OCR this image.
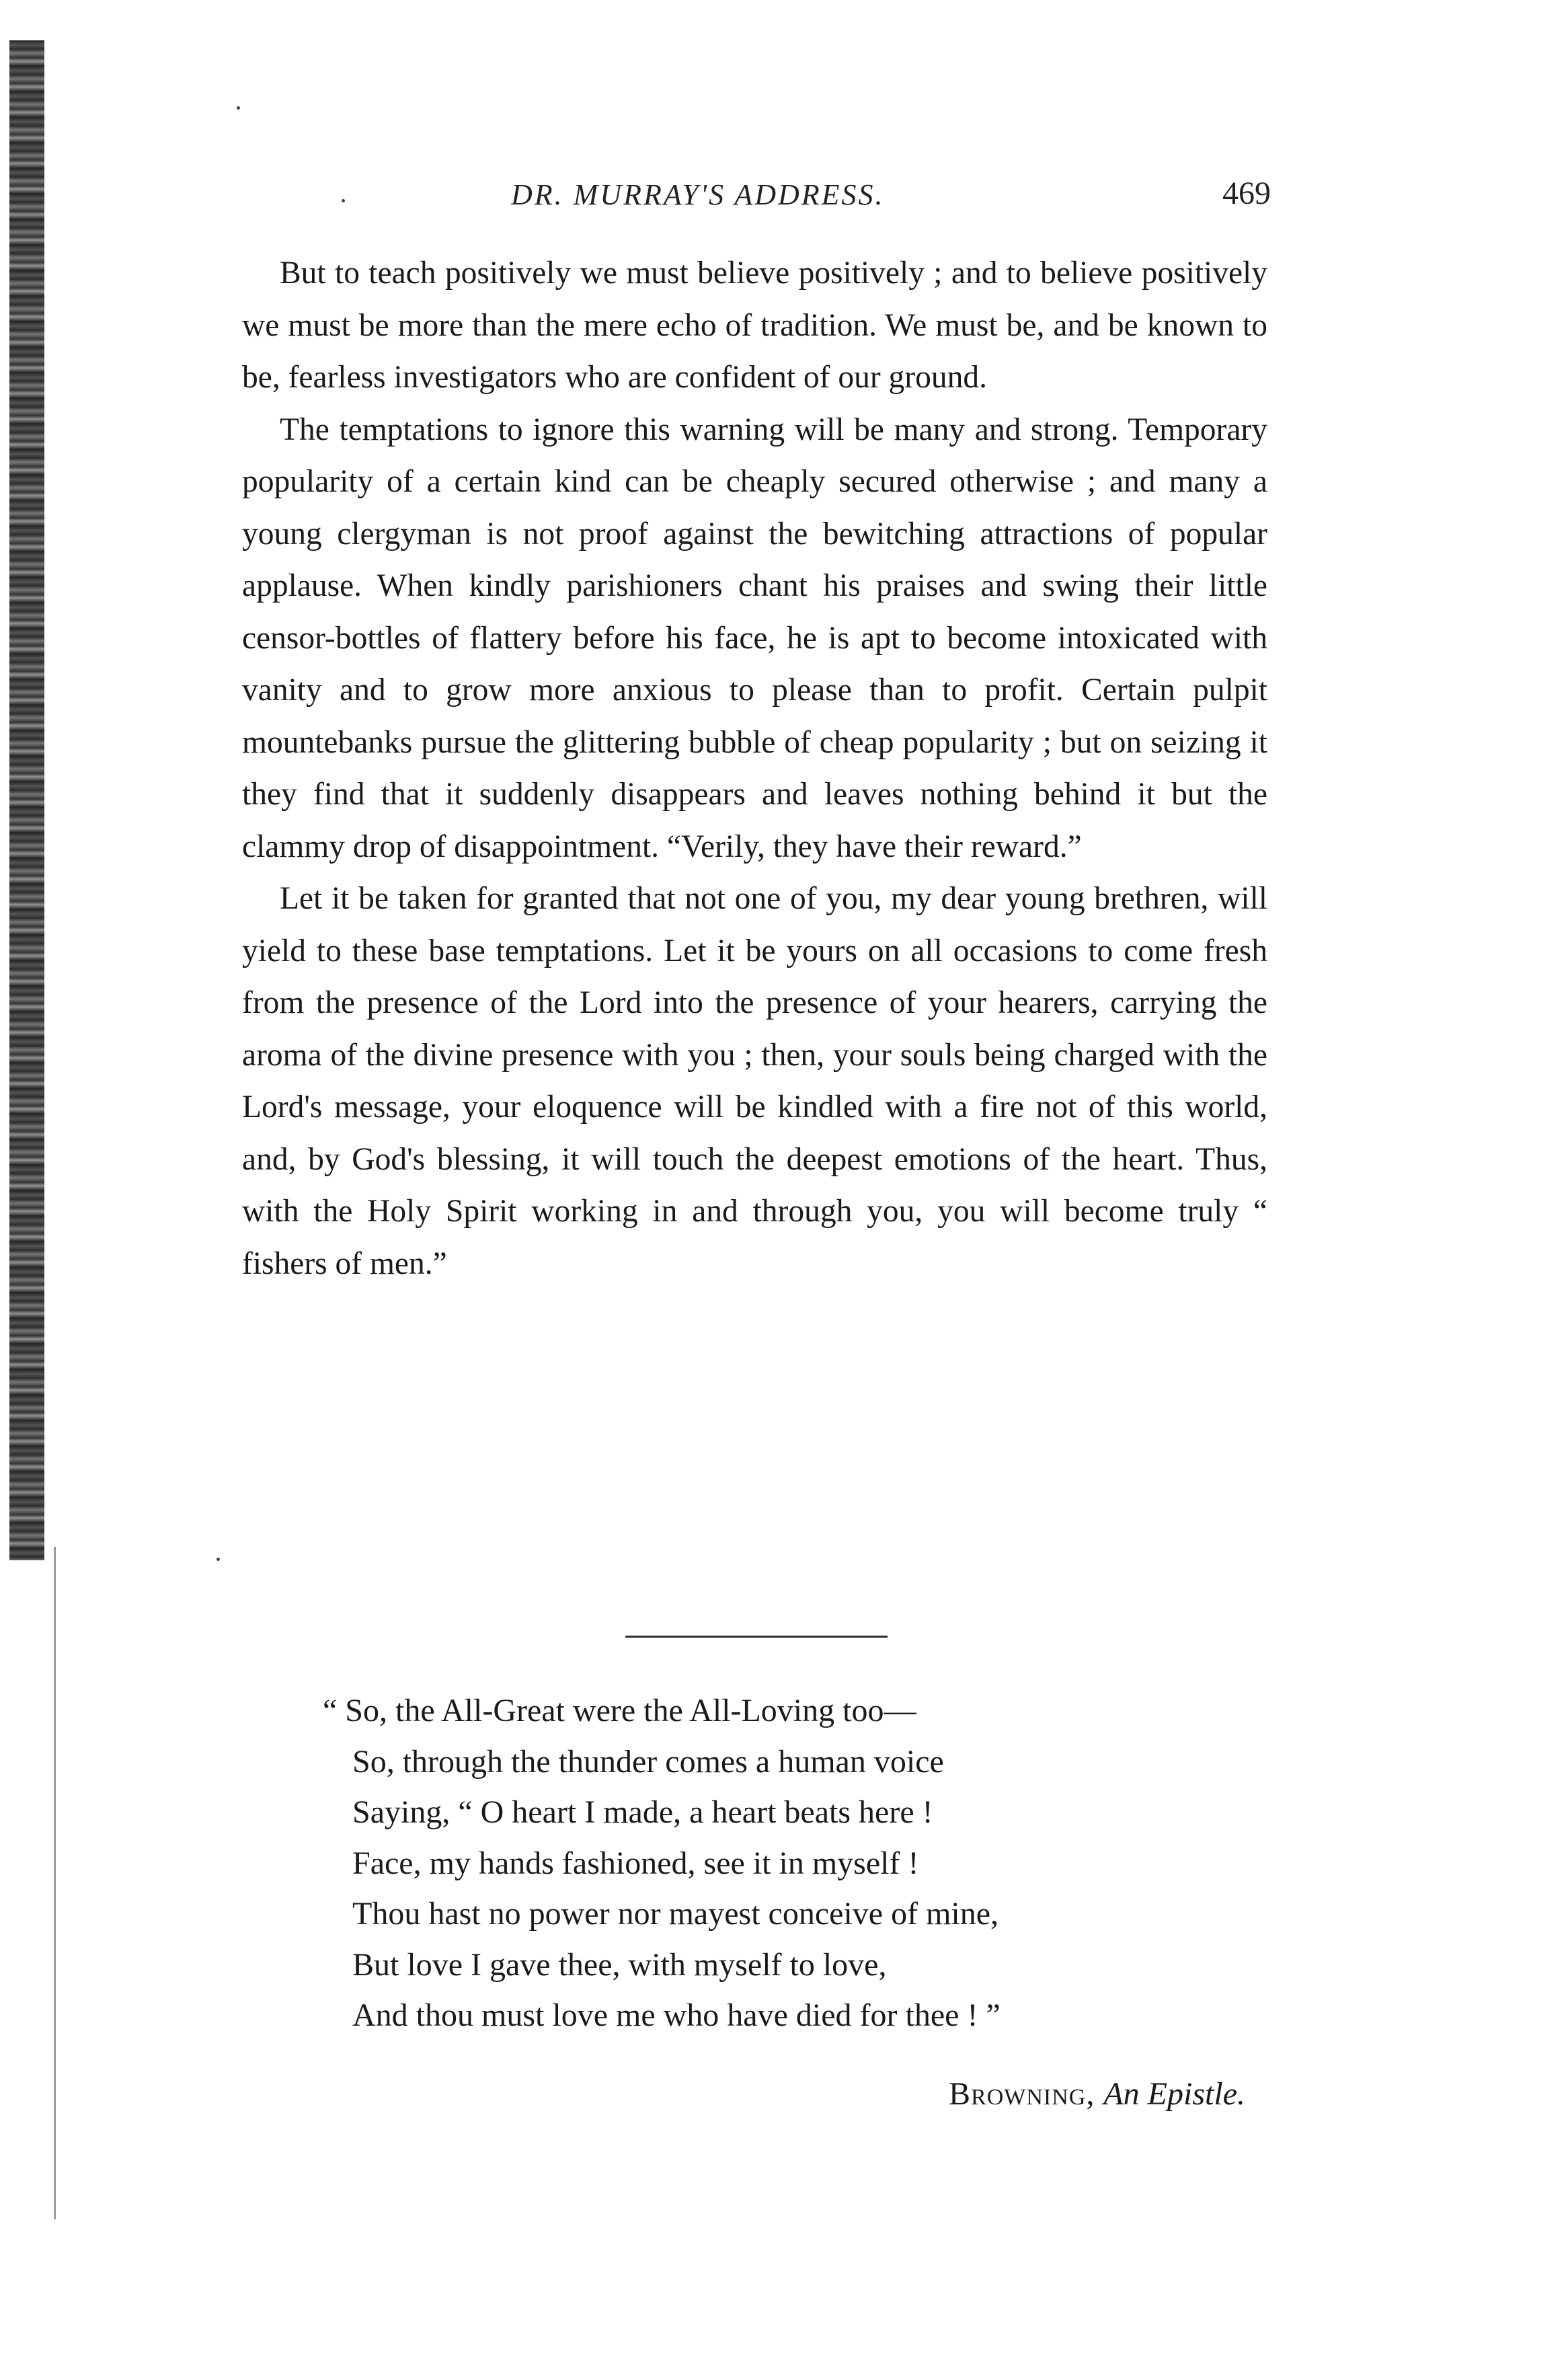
DR. MURRAY'S ADDRESS.	469

But to teach positively we must believe positively ; and to believe positively we must be more than the mere echo of tradition. We must be, and be known to be, fearless investigators who are confident of our ground.

The temptations to ignore this warning will be many and strong. Temporary popularity of a certain kind can be cheaply secured otherwise ; and many a young clergyman is not proof against the bewitching attractions of popular applause. When kindly parishioners chant his praises and swing their little censor-bottles of flattery before his face, he is apt to become intoxicated with vanity and to grow more anxious to please than to profit. Certain pulpit mountebanks pursue the glittering bubble of cheap popularity ; but on seizing it they find that it suddenly disappears and leaves nothing behind it but the clammy drop of disappointment. “Verily, they have their reward.”

Let it be taken for granted that not one of you, my dear young brethren, will yield to these base temptations. Let it be yours on all occasions to come fresh from the presence of the Lord into the presence of your hearers, carrying the aroma of the divine presence with you ; then, your souls being charged with the Lord's message, your eloquence will be kindled with a fire not of this world, and, by God's blessing, it will touch the deepest emotions of the heart. Thus, with the Holy Spirit working in and through you, you will become truly “ fishers of men.”

“ So, the All-Great were the All-Loving too—
So, through the thunder comes a human voice
Saying, “ O heart I made, a heart beats here !
Face, my hands fashioned, see it in myself !
Thou hast no power nor mayest conceive of mine,
But love I gave thee, with myself to love,
And thou must love me who have died for thee ! ”
Browning, An Epistle.
